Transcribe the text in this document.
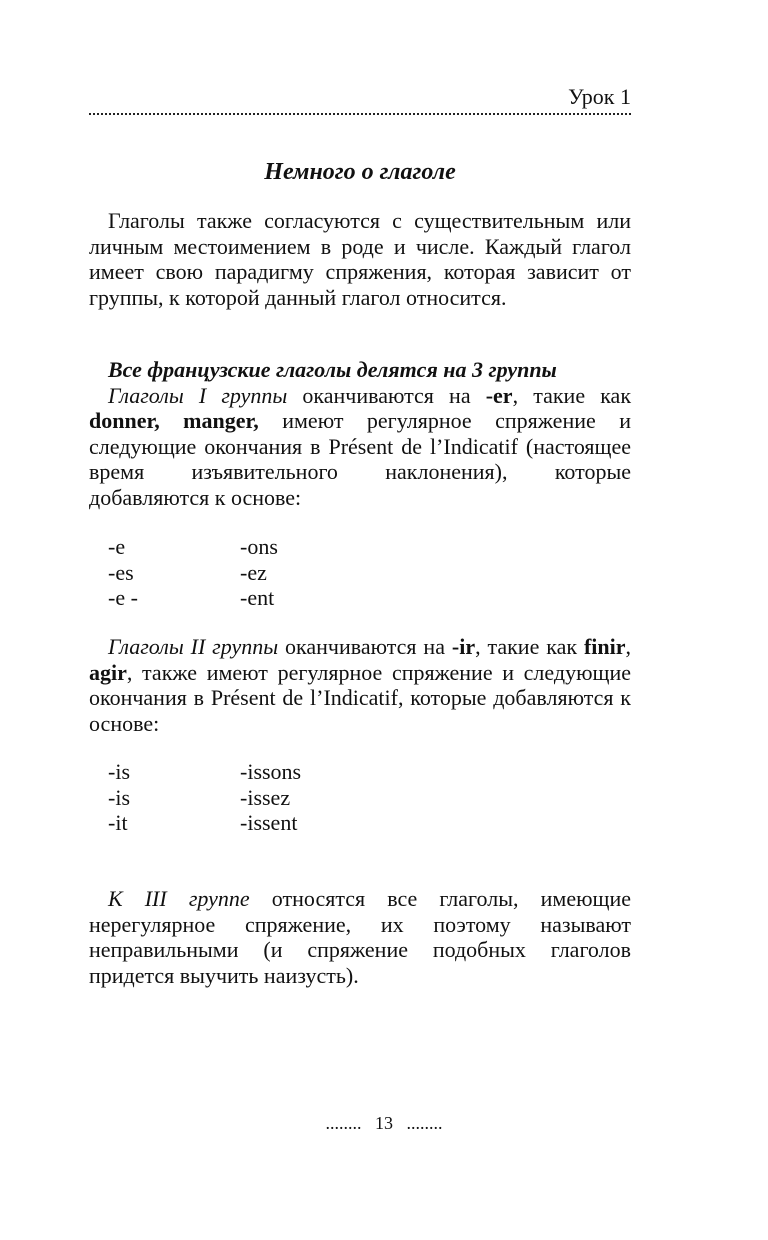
Урок 1
Немного о глаголе

Глаголы также согласуются с существительным или личным местоимением в роде и числе. Каждый глагол имеет свою парадигму спряжения, которая зависит от группы, к которой данный глагол относится.

Все французские глаголы делятся на 3 группы
Глаголы I группы оканчиваются на -er, такие как donner, manger, имеют регулярное спряжение и следующие окончания в Présent de l’Indicatif (настоящее время изъявительного наклонения), которые добавляются к основе:

-e	-ons
-es	-ez
-e -	-ent

Глаголы II группы оканчиваются на -ir, такие как finir, agir, также имеют регулярное спряжение и следующие окончания в Présent de l’Indicatif, которые добавляются к основе:

-is	-issons
-is	-issez
-it	-issent

К III группе относятся все глаголы, имеющие нерегулярное спряжение, их поэтому называют неправильными (и спряжение подобных глаголов придется выучить наизусть).

........ 13 ........
